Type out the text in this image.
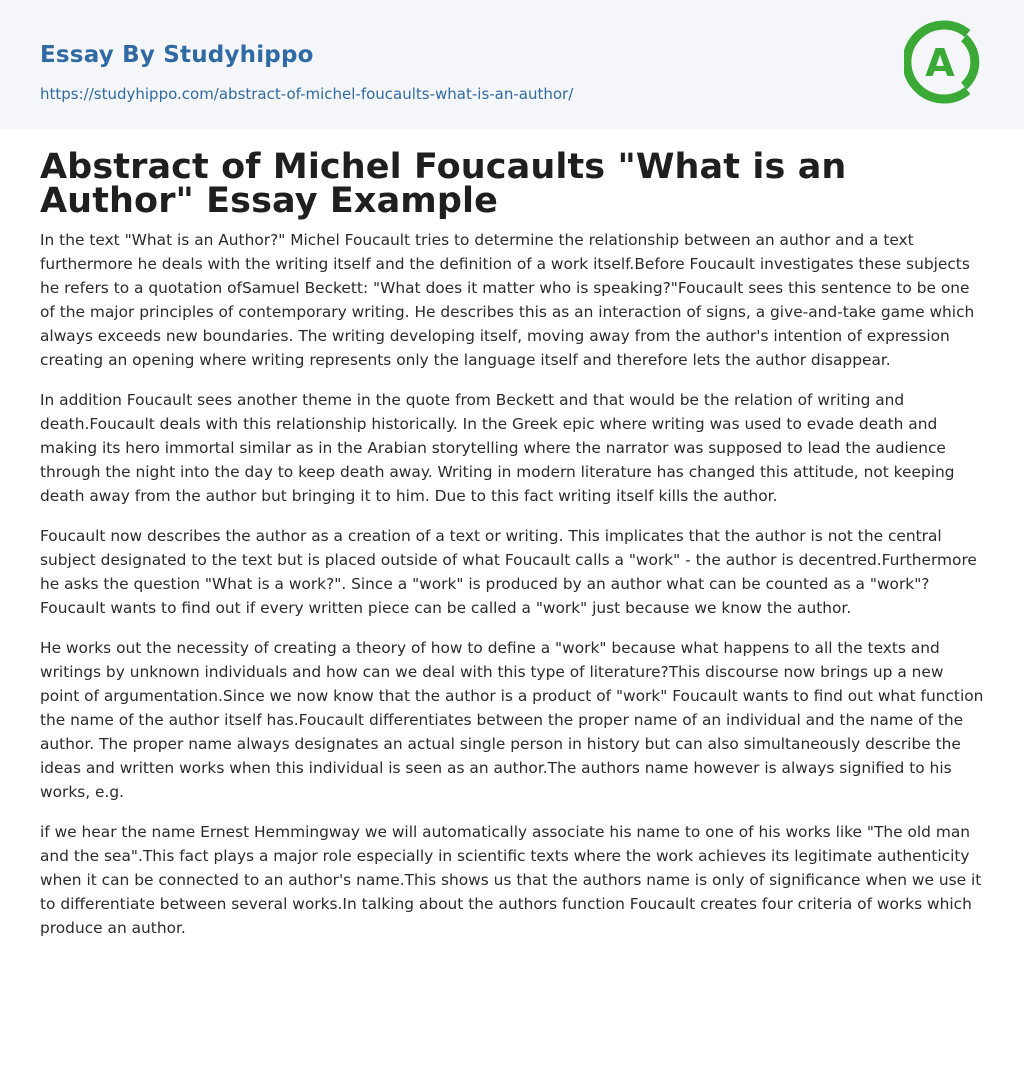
Essay By Studyhippo
https://studyhippo.com/abstract-of-michel-foucaults-what-is-an-author/
A
Abstract of Michel Foucaults "What is an Author" Essay Example

In the text "What is an Author?" Michel Foucault tries to determine the relationship between an author and a text furthermore he deals with the writing itself and the definition of a work itself.Before Foucault investigates these subjects he refers to a quotation ofSamuel Beckett: "What does it matter who is speaking?"Foucault sees this sentence to be one of the major principles of contemporary writing. He describes this as an interaction of signs, a give-and-take game which always exceeds new boundaries. The writing developing itself, moving away from the author's intention of expression creating an opening where writing represents only the language itself and therefore lets the author disappear.

In addition Foucault sees another theme in the quote from Beckett and that would be the relation of writing and death.Foucault deals with this relationship historically. In the Greek epic where writing was used to evade death and making its hero immortal similar as in the Arabian storytelling where the narrator was supposed to lead the audience through the night into the day to keep death away. Writing in modern literature has changed this attitude, not keeping death away from the author but bringing it to him. Due to this fact writing itself kills the author.

Foucault now describes the author as a creation of a text or writing. This implicates that the author is not the central subject designated to the text but is placed outside of what Foucault calls a "work" - the author is decentred.Furthermore he asks the question "What is a work?". Since a "work" is produced by an author what can be counted as a "work"?Foucault wants to find out if every written piece can be called a "work" just because we know the author.

He works out the necessity of creating a theory of how to define a "work" because what happens to all the texts and writings by unknown individuals and how can we deal with this type of literature?This discourse now brings up a new point of argumentation.Since we now know that the author is a product of "work" Foucault wants to find out what function the name of the author itself has.Foucault differentiates between the proper name of an individual and the name of the author. The proper name always designates an actual single person in history but can also simultaneously describe the ideas and written works when this individual is seen as an author.The authors name however is always signified to his works, e.g.

if we hear the name Ernest Hemmingway we will automatically associate his name to one of his works like "The old man and the sea".This fact plays a major role especially in scientific texts where the work achieves its legitimate authenticity when it can be connected to an author's name.This shows us that the authors name is only of significance when we use it to differentiate between several works.In talking about the authors function Foucault creates four criteria of works which produce an author.
